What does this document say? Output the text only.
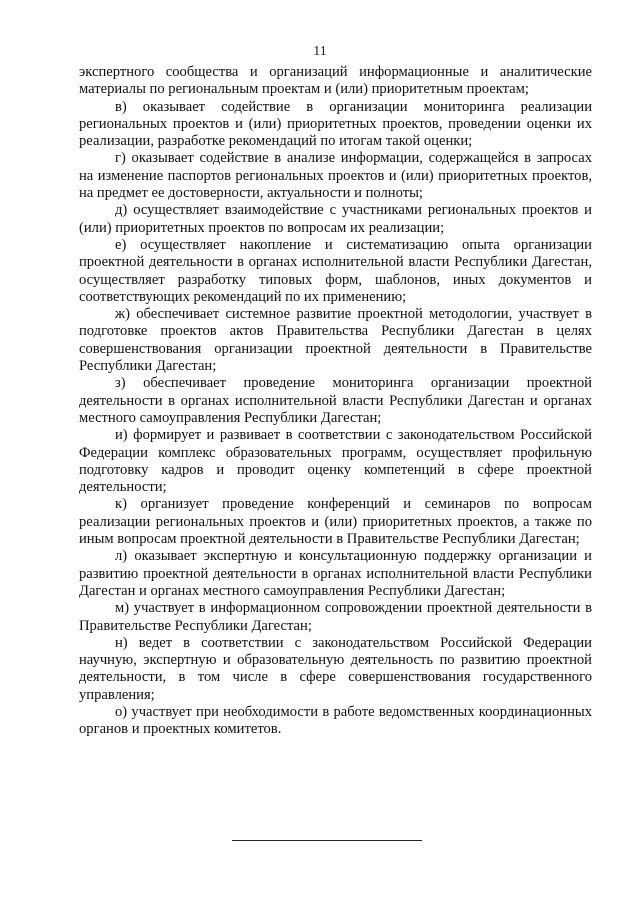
11

экспертного сообщества и организаций информационные и аналитические материалы по региональным проектам и (или) приоритетным проектам;

в) оказывает содействие в организации мониторинга реализации региональных проектов и (или) приоритетных проектов, проведении оценки их реализации, разработке рекомендаций по итогам такой оценки;

г) оказывает содействие в анализе информации, содержащейся в запросах на изменение паспортов региональных проектов и (или) приоритетных проектов, на предмет ее достоверности, актуальности и полноты;

д) осуществляет взаимодействие с участниками региональных проектов и (или) приоритетных проектов по вопросам их реализации;

е) осуществляет накопление и систематизацию опыта организации проектной деятельности в органах исполнительной власти Республики Дагестан, осуществляет разработку типовых форм, шаблонов, иных документов и соответствующих рекомендаций по их применению;

ж) обеспечивает системное развитие проектной методологии, участвует в подготовке проектов актов Правительства Республики Дагестан в целях совершенствования организации проектной деятельности в Правительстве Республики Дагестан;

з) обеспечивает проведение мониторинга организации проектной деятельности в органах исполнительной власти Республики Дагестан и органах местного самоуправления Республики Дагестан;

и) формирует и развивает в соответствии с законодательством Российской Федерации комплекс образовательных программ, осуществляет профильную подготовку кадров и проводит оценку компетенций в сфере проектной деятельности;

к) организует проведение конференций и семинаров по вопросам реализации региональных проектов и (или) приоритетных проектов, а также по иным вопросам проектной деятельности в Правительстве Республики Дагестан;

л) оказывает экспертную и консультационную поддержку организации и развитию проектной деятельности в органах исполнительной власти Республики Дагестан и органах местного самоуправления Республики Дагестан;

м) участвует в информационном сопровождении проектной деятельности в Правительстве Республики Дагестан;

н) ведет в соответствии с законодательством Российской Федерации научную, экспертную и образовательную деятельность по развитию проектной деятельности, в том числе в сфере совершенствования государственного управления;

о) участвует при необходимости в работе ведомственных координационных органов и проектных комитетов.
